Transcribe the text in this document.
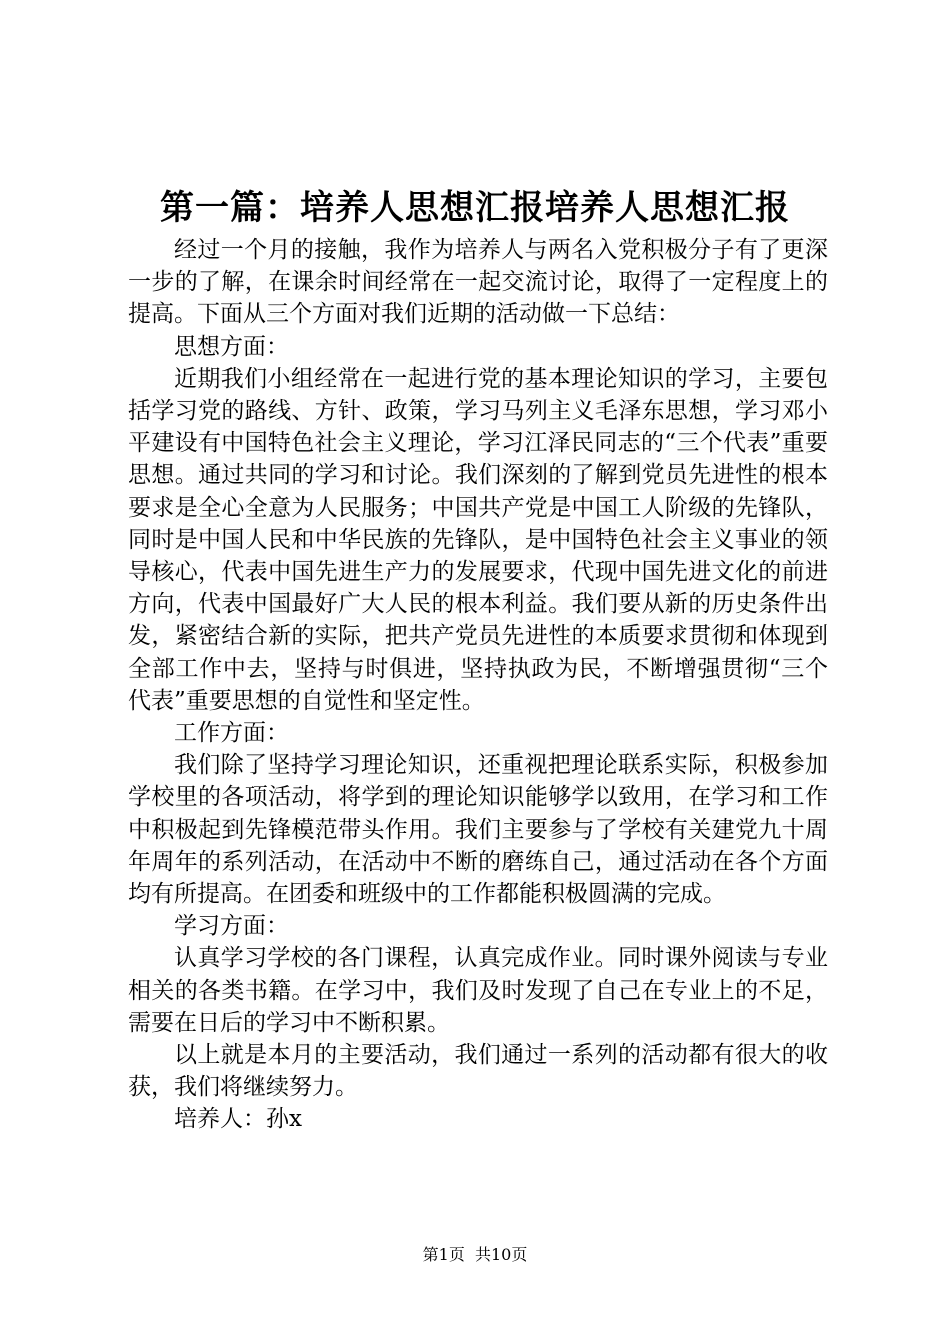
第一篇：培养人思想汇报培养人思想汇报

经过一个月的接触，我作为培养人与两名入党积极分子有了更深一步的了解，在课余时间经常在一起交流讨论，取得了一定程度上的提高。下面从三个方面对我们近期的活动做一下总结：

思想方面：

近期我们小组经常在一起进行党的基本理论知识的学习，主要包括学习党的路线、方针、政策，学习马列主义毛泽东思想，学习邓小平建设有中国特色社会主义理论，学习江泽民同志的“三个代表”重要思想。通过共同的学习和讨论。我们深刻的了解到党员先进性的根本要求是全心全意为人民服务；中国共产党是中国工人阶级的先锋队，同时是中国人民和中华民族的先锋队，是中国特色社会主义事业的领导核心，代表中国先进生产力的发展要求，代现中国先进文化的前进方向，代表中国最好广大人民的根本利益。我们要从新的历史条件出发，紧密结合新的实际，把共产党员先进性的本质要求贯彻和体现到全部工作中去，坚持与时俱进，坚持执政为民，不断增强贯彻“三个代表”重要思想的自觉性和坚定性。

工作方面：

我们除了坚持学习理论知识，还重视把理论联系实际，积极参加学校里的各项活动，将学到的理论知识能够学以致用，在学习和工作中积极起到先锋模范带头作用。我们主要参与了学校有关建党九十周年周年的系列活动，在活动中不断的磨练自己，通过活动在各个方面均有所提高。在团委和班级中的工作都能积极圆满的完成。

学习方面：

认真学习学校的各门课程，认真完成作业。同时课外阅读与专业相关的各类书籍。在学习中，我们及时发现了自己在专业上的不足，需要在日后的学习中不断积累。

以上就是本月的主要活动，我们通过一系列的活动都有很大的收获，我们将继续努力。

培养人：孙x

第1页  共10页
